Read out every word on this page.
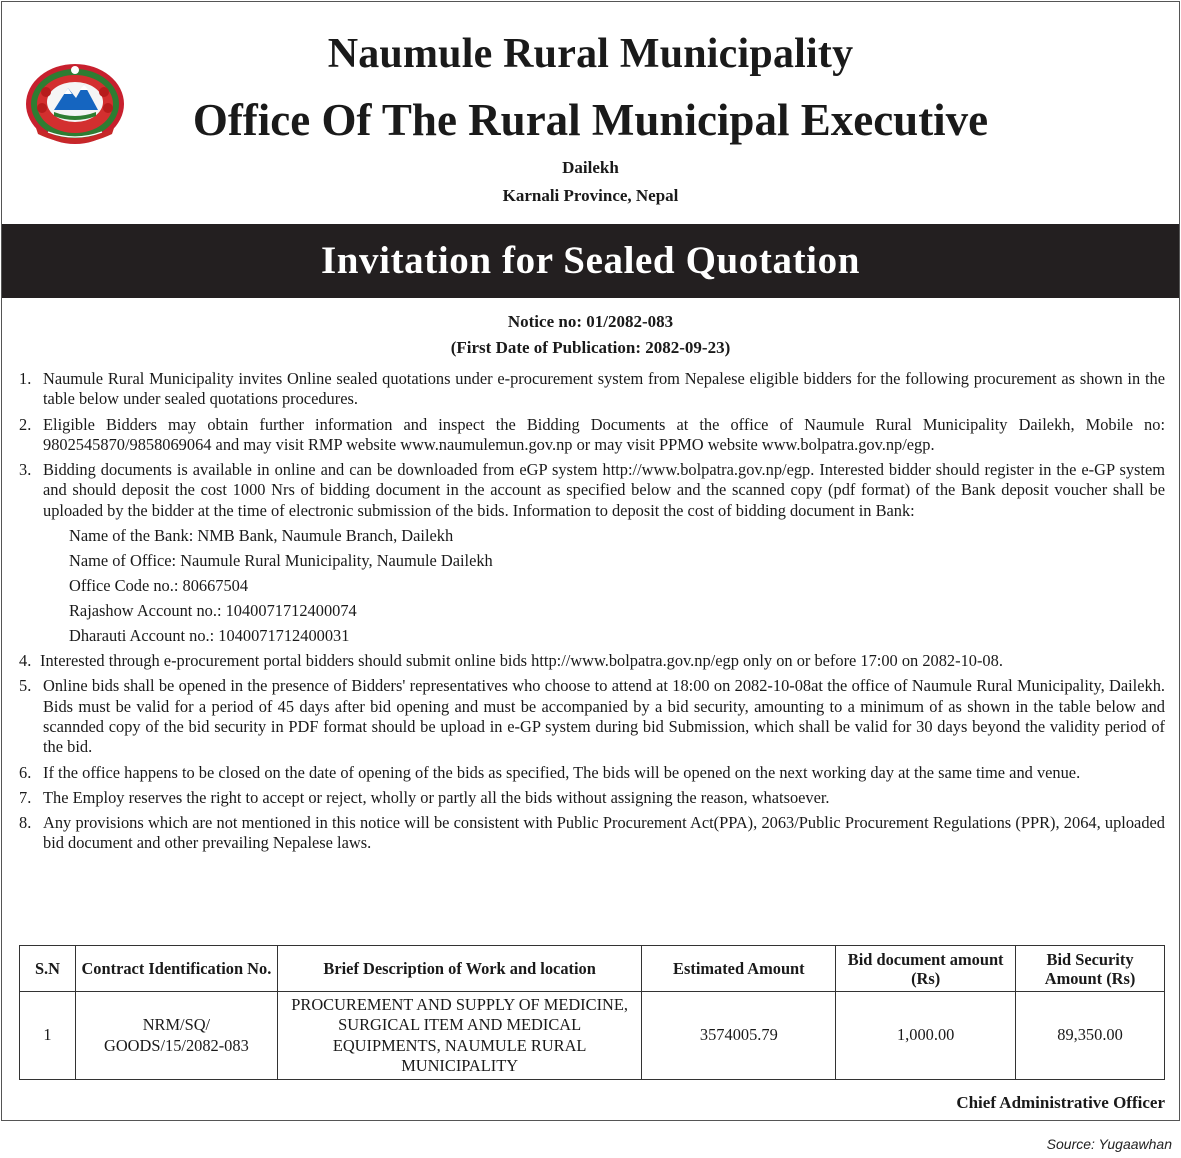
Naumule Rural Municipality
Office Of The Rural Municipal Executive
Dailekh
Karnali Province, Nepal
Invitation for Sealed Quotation
Notice no: 01/2082-083
(First Date of Publication: 2082-09-23)
1. Naumule Rural Municipality invites Online sealed quotations under e-procurement system from Nepalese eligible bidders for the following procurement as shown in the table below under sealed quotations procedures.
2. Eligible Bidders may obtain further information and inspect the Bidding Documents at the office of Naumule Rural Municipality Dailekh, Mobile no: 9802545870/9858069064 and may visit RMP website www.naumulemun.gov.np or may visit PPMO website www.bolpatra.gov.np/egp.
3. Bidding documents is available in online and can be downloaded from eGP system http://www.bolpatra.gov.np/egp. Interested bidder should register in the e-GP system and should deposit the cost 1000 Nrs of bidding document in the account as specified below and the scanned copy (pdf format) of the Bank deposit voucher shall be uploaded by the bidder at the time of electronic submission of the bids. Information to deposit the cost of bidding document in Bank:
Name of the Bank: NMB Bank, Naumule Branch, Dailekh
Name of Office: Naumule Rural Municipality, Naumule Dailekh
Office Code no.: 80667504
Rajashow Account no.: 1040071712400074
Dharauti Account no.: 1040071712400031
4. Interested through e-procurement portal bidders should submit online bids http://www.bolpatra.gov.np/egp only on or before 17:00 on 2082-10-08.
5. Online bids shall be opened in the presence of Bidders' representatives who choose to attend at 18:00 on 2082-10-08at the office of Naumule Rural Municipality, Dailekh. Bids must be valid for a period of 45 days after bid opening and must be accompanied by a bid security, amounting to a minimum of as shown in the table below and scannded copy of the bid security in PDF format should be upload in e-GP system during bid Submission, which shall be valid for 30 days beyond the validity period of the bid.
6. If the office happens to be closed on the date of opening of the bids as specified, The bids will be opened on the next working day at the same time and venue.
7. The Employ reserves the right to accept or reject, wholly or partly all the bids without assigning the reason, whatsoever.
8. Any provisions which are not mentioned in this notice will be consistent with Public Procurement Act(PPA), 2063/Public Procurement Regulations (PPR), 2064, uploaded bid document and other prevailing Nepalese laws.
S.N	Contract Identification No.	Brief Description of Work and location	Estimated Amount	Bid document amount (Rs)	Bid Security Amount (Rs)
1	NRM/SQ/ GOODS/15/2082-083	PROCUREMENT AND SUPPLY OF MEDICINE, SURGICAL ITEM AND MEDICAL EQUIPMENTS, NAUMULE RURAL MUNICIPALITY	3574005.79	1,000.00	89,350.00
Chief Administrative Officer
Source: Yugaawhan
